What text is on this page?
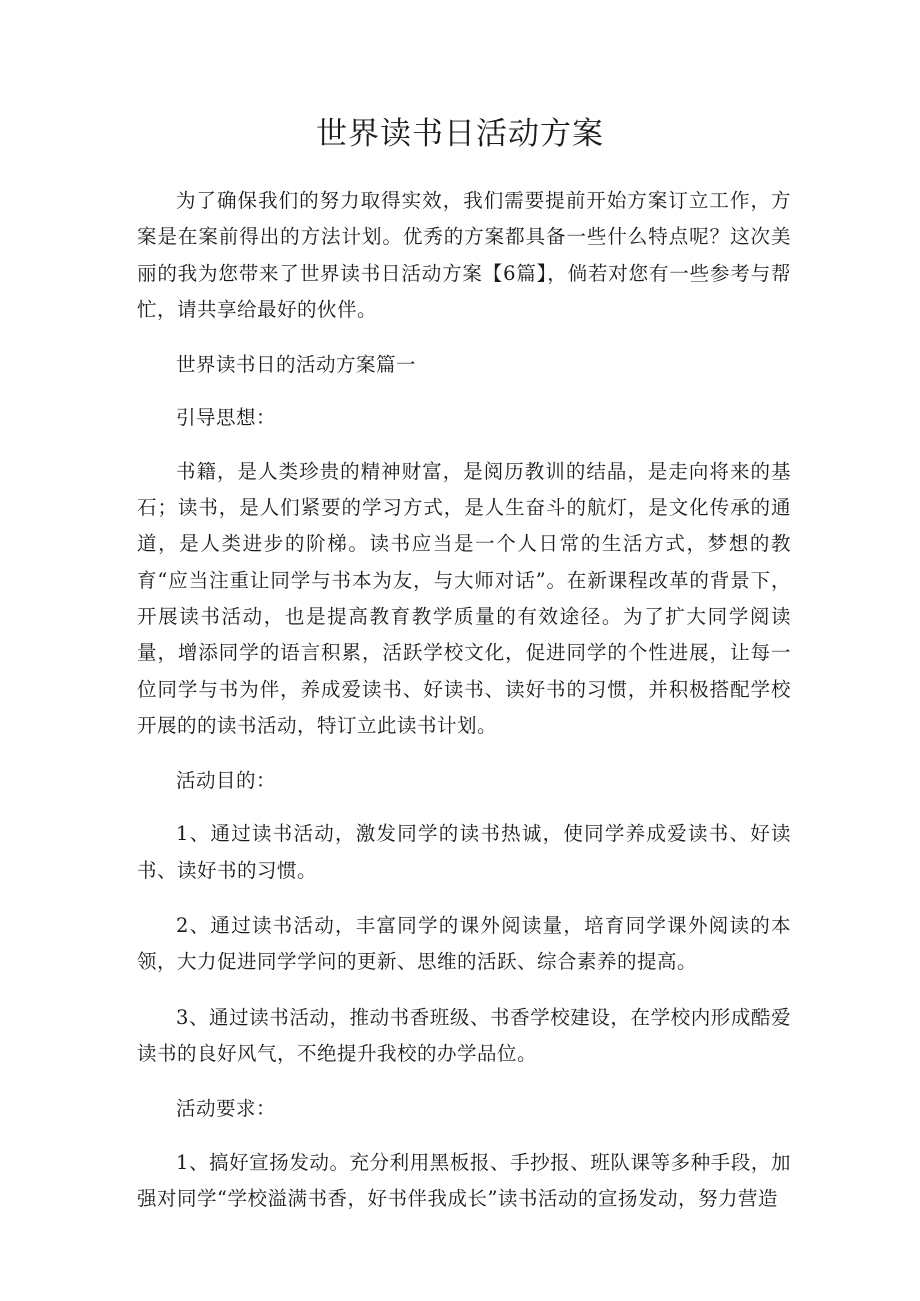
世界读书日活动方案

为了确保我们的努力取得实效，我们需要提前开始方案订立工作，方案是在案前得出的方法计划。优秀的方案都具备一些什么特点呢？这次美丽的我为您带来了世界读书日活动方案【6篇】，倘若对您有一些参考与帮忙，请共享给最好的伙伴。

世界读书日的活动方案篇一

引导思想：

书籍，是人类珍贵的精神财富，是阅历教训的结晶，是走向将来的基石；读书，是人们紧要的学习方式，是人生奋斗的航灯，是文化传承的通道，是人类进步的阶梯。读书应当是一个人日常的生活方式，梦想的教育“应当注重让同学与书本为友，与大师对话”。在新课程改革的背景下，开展读书活动，也是提高教育教学质量的有效途径。为了扩大同学阅读量，增添同学的语言积累，活跃学校文化，促进同学的个性进展，让每一位同学与书为伴，养成爱读书、好读书、读好书的习惯，并积极搭配学校开展的的读书活动，特订立此读书计划。

活动目的：

1、通过读书活动，激发同学的读书热诚，使同学养成爱读书、好读书、读好书的习惯。

2、通过读书活动，丰富同学的课外阅读量，培育同学课外阅读的本领，大力促进同学学问的更新、思维的活跃、综合素养的提高。

3、通过读书活动，推动书香班级、书香学校建设，在学校内形成酷爱读书的良好风气，不绝提升我校的办学品位。

活动要求：

1、搞好宣扬发动。充分利用黑板报、手抄报、班队课等多种手段，加强对同学“学校溢满书香，好书伴我成长”读书活动的宣扬发动，努力营造
